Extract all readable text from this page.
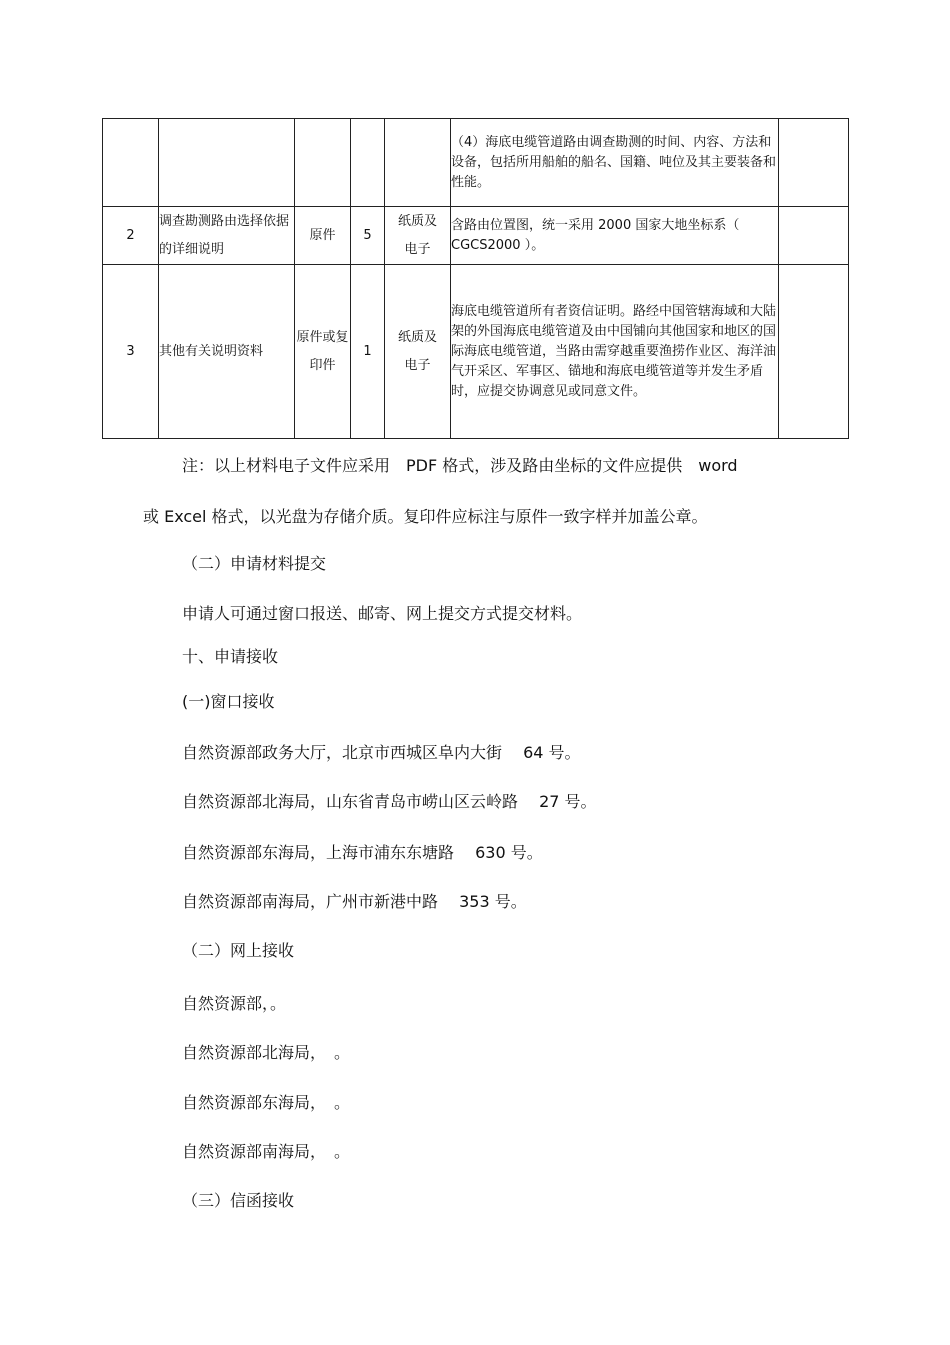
					（4）海底电缆管道路由调查勘测的时间、内容、方法和设备，包括所用船舶的船名、国籍、吨位及其主要装备和性能。	
2	调查勘测路由选择依据的详细说明	原件	5	纸质及电子	含路由位置图，统一采用 2000 国家大地坐标系（ CGCS2000 ）。	
3	其他有关说明资料	原件或复印件	1	纸质及电子	海底电缆管道所有者资信证明。路经中国管辖海域和大陆架的外国海底电缆管道及由中国铺向其他国家和地区的国际海底电缆管道，当路由需穿越重要渔捞作业区、海洋油气开采区、军事区、锚地和海底电缆管道等并发生矛盾时，应提交协调意见或同意文件。	
注：以上材料电子文件应采用　PDF 格式，涉及路由坐标的文件应提供　word
或 Excel 格式，以光盘为存储介质。复印件应标注与原件一致字样并加盖公章。
（二）申请材料提交
申请人可通过窗口报送、邮寄、网上提交方式提交材料。
十、申请接收
(一)窗口接收
自然资源部政务大厅，北京市西城区阜内大街　 64 号。
自然资源部北海局，山东省青岛市崂山区云岭路　 27 号。
自然资源部东海局，上海市浦东东塘路　 630 号。
自然资源部南海局，广州市新港中路　 353 号。
（二）网上接收
自然资源部，。
自然资源部北海局，　。
自然资源部东海局，　。
自然资源部南海局，　。
（三）信函接收
